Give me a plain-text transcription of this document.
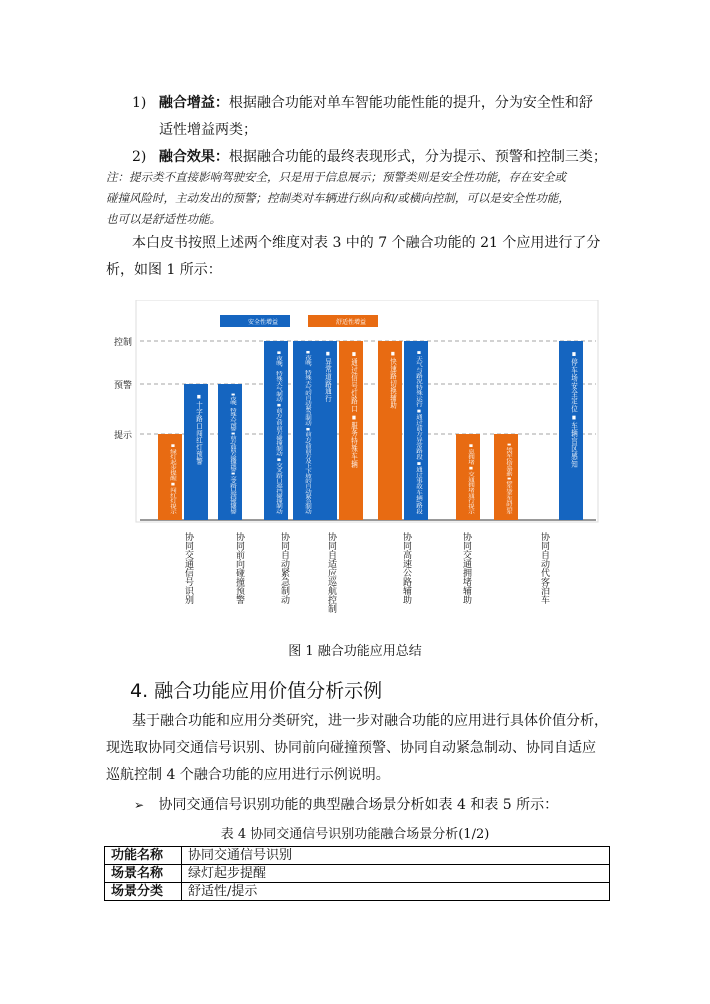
1) 融合增益：根据融合功能对单车智能功能性能的提升，分为安全性和舒
适性增益两类；
2) 融合效果：根据融合功能的最终表现形式，分为提示、预警和控制三类；
注：提示类不直接影响驾驶安全，只是用于信息展示；预警类则是安全性功能，存在安全或
碰撞风险时，主动发出的预警；控制类对车辆进行纵向和/或横向控制，可以是安全性功能，
也可以是舒适性功能。
本白皮书按照上述两个维度对表 3 中的 7 个融合功能的 21 个应用进行了分
析，如图 1 所示：
提示
预警
控制
安全性增益	舒适性增益
▪绿灯起步提醒▪闯红灯提示
▪十字路口闯红灯预警
协同交通信号识别	▪夜晚、特殊天气预警▪前方/前前方碰撞预警▪交叉路口遮挡碰撞预警
协同前向碰撞预警
▪夜晚、特殊天气制动▪前方/前前方碰撞制动▪交叉路口遮挡碰撞制动	▪夜晚、特殊天气的自动紧急制动▪前方/前前方及上下坡的自动紧急制动
协同自动紧急制动
▪异常道路通行	▪通过信号灯路口▪服务特殊车辆
协同自适应巡航控制
▪快速路切换辅助	▪天气与路况特殊运行▪通过前方异常路段▪通过事故车辆/路段
协同高速公路辅助
▪息拥堵▪交通拥堵通行提示
协同交通拥堵辅助	▪场内车位信息更新▪停车场多车同时泊车
▪停车场安全定位▪车辆盲区感知
协同自动代客泊车
图 1 融合功能应用总结
4. 融合功能应用价值分析示例
基于融合功能和应用分类研究，进一步对融合功能的应用进行具体价值分析，
现选取协同交通信号识别、协同前向碰撞预警、协同自动紧急制动、协同自适应
巡航控制 4 个融合功能的应用进行示例说明。
➢ 协同交通信号识别功能的典型融合场景分析如表 4 和表 5 所示：
表 4 协同交通信号识别功能融合场景分析(1/2)
功能名称	协同交通信号识别
场景名称	绿灯起步提醒
场景分类	舒适性/提示
